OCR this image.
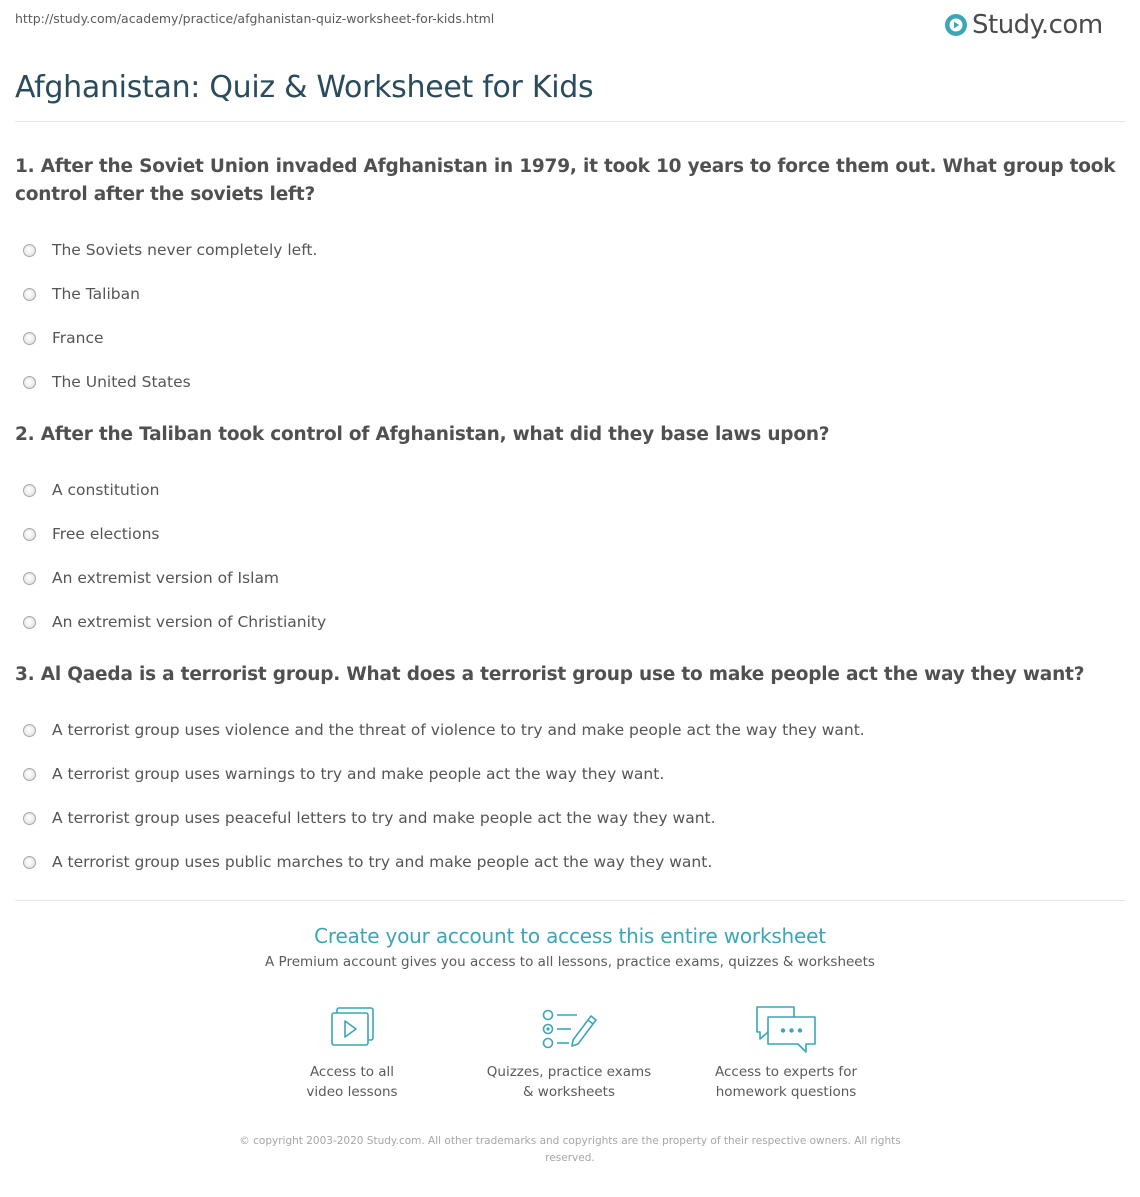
http://study.com/academy/practice/afghanistan-quiz-worksheet-for-kids.html	Study.com
Afghanistan: Quiz & Worksheet for Kids
1. After the Soviet Union invaded Afghanistan in 1979, it took 10 years to force them out. What group took control after the soviets left?
The Soviets never completely left.
The Taliban
France
The United States
2. After the Taliban took control of Afghanistan, what did they base laws upon?
A constitution
Free elections
An extremist version of Islam
An extremist version of Christianity
3. Al Qaeda is a terrorist group. What does a terrorist group use to make people act the way they want?
A terrorist group uses violence and the threat of violence to try and make people act the way they want.
A terrorist group uses warnings to try and make people act the way they want.
A terrorist group uses peaceful letters to try and make people act the way they want.
A terrorist group uses public marches to try and make people act the way they want.
Create your account to access this entire worksheet
A Premium account gives you access to all lessons, practice exams, quizzes & worksheets
Access to all
video lessons
Quizzes, practice exams
& worksheets
Access to experts for
homework questions
© copyright 2003-2020 Study.com. All other trademarks and copyrights are the property of their respective owners. All rights
reserved.
